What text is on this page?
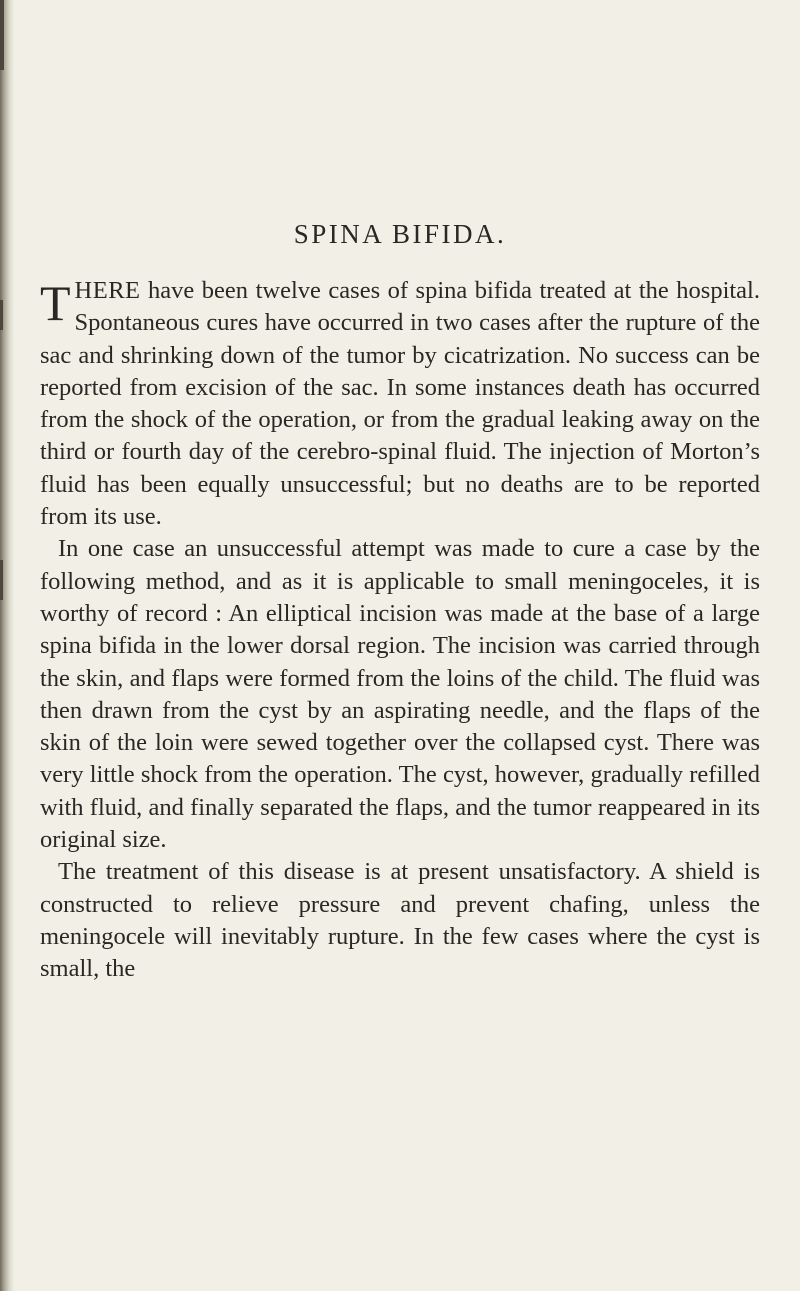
SPINA BIFIDA.

THERE have been twelve cases of spina bifida treated at the hospital. Spontaneous cures have occurred in two cases after the rupture of the sac and shrinking down of the tumor by cicatrization. No success can be reported from excision of the sac. In some instances death has occurred from the shock of the operation, or from the gradual leaking away on the third or fourth day of the cerebro-spinal fluid. The injection of Morton’s fluid has been equally unsuccessful; but no deaths are to be reported from its use.

In one case an unsuccessful attempt was made to cure a case by the following method, and as it is applicable to small meningoceles, it is worthy of record : An elliptical incision was made at the base of a large spina bifida in the lower dorsal region. The incision was carried through the skin, and flaps were formed from the loins of the child. The fluid was then drawn from the cyst by an aspirating needle, and the flaps of the skin of the loin were sewed together over the collapsed cyst. There was very little shock from the operation. The cyst, however, gradually refilled with fluid, and finally separated the flaps, and the tumor reappeared in its original size.

The treatment of this disease is at present unsatisfactory. A shield is constructed to relieve pressure and prevent chafing, unless the meningocele will inevitably rupture. In the few cases where the cyst is small, the
